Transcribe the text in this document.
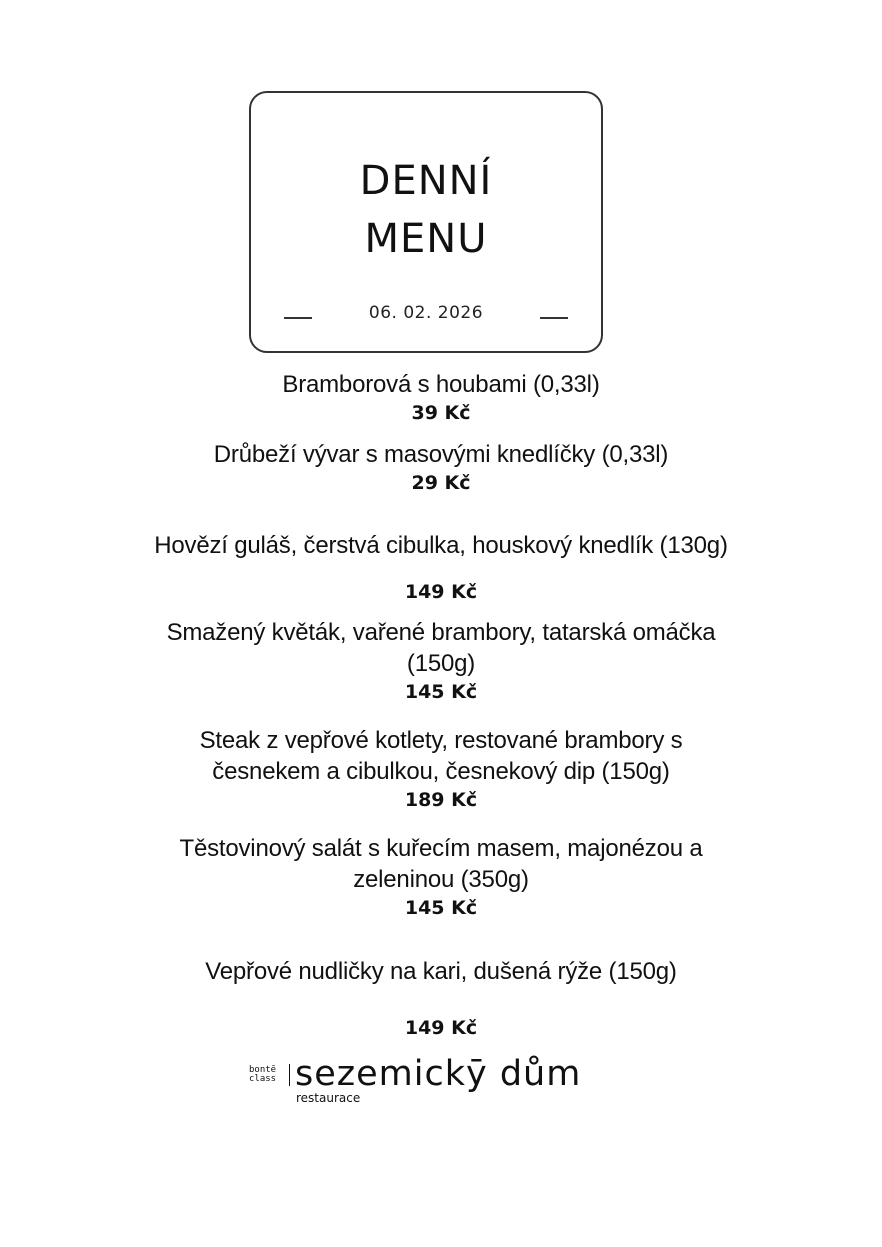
DENNÍ
MENU
06. 02. 2026
Bramborová s houbami (0,33l)
39 Kč
Drůbeží vývar s masovými knedlíčky (0,33l)
29 Kč
Hovězí guláš, čerstvá cibulka, houskový knedlík (130g)
149 Kč
Smažený květák, vařené brambory, tatarská omáčka
(150g)
145 Kč
Steak z vepřové kotlety, restované brambory s
česnekem a cibulkou, česnekový dip (150g)
189 Kč
Těstovinový salát s kuřecím masem, majonézou a
zeleninou (350g)
145 Kč
Vepřové nudličky na kari, dušená rýže (150g)
149 Kč
bontē
class sezemickȳ dům
restaurace
